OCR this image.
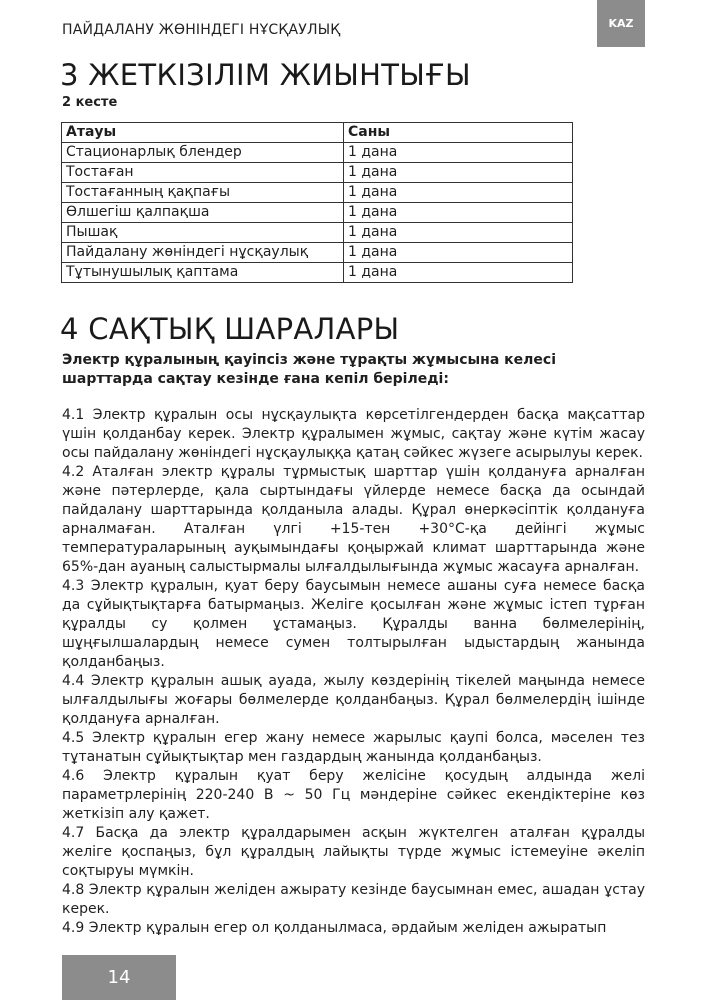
ПАЙДАЛАНУ ЖӨНІНДЕГІ НҰСҚАУЛЫҚ	KAZ
3 ЖЕТКІЗІЛІМ ЖИЫНТЫҒЫ
2 кесте
Атауы	Саны
Стационарлық блендер	1 дана
Тостаған	1 дана
Тостағанның қақпағы	1 дана
Өлшегіш қалпақша	1 дана
Пышақ	1 дана
Пайдалану жөніндегі нұсқаулық	1 дана
Тұтынушылық қаптама	1 дана
4 САҚТЫҚ ШАРАЛАРЫ
Электр құралының қауіпсіз және тұрақты жұмысына келесі шарттарда сақтау кезінде ғана кепіл беріледі:

4.1 Электр құралын осы нұсқаулықта көрсетілгендерден басқа мақсаттар үшін қолданбау керек. Электр құралымен жұмыс, сақтау және күтім жасау осы пайдалану жөніндегі нұсқаулыққа қатаң сәйкес жүзеге асырылуы керек.

4.2 Аталған электр құралы тұрмыстық шарттар үшін қолдануға арналған және пәтерлерде, қала сыртындағы үйлерде немесе басқа да осындай пайдалану шарттарында қолданыла алады. Құрал өнеркәсіптік қолдануға арналмаған. Аталған үлгі +15-тен +30°С-қа дейінгі жұмыс температураларының ауқымындағы қоңыржай климат шарттарында және 65%-дан ауаның салыстырмалы ылғалдылығында жұмыс жасауға арналған.

4.3 Электр құралын, қуат беру баусымын немесе ашаны суға немесе басқа да сұйықтықтарға батырмаңыз. Желіге қосылған және жұмыс істеп тұрған құралды су қолмен ұстамаңыз. Құралды ванна бөлмелерінің, шұңғылшалардың немесе сумен толтырылған ыдыстардың жанында қолданбаңыз.

4.4 Электр құралын ашық ауада, жылу көздерінің тікелей маңында немесе ылғалдылығы жоғары бөлмелерде қолданбаңыз. Құрал бөлмелердің ішінде қолдануға арналған.

4.5 Электр құралын егер жану немесе жарылыс қаупі болса, мәселен тез тұтанатын сұйықтықтар мен газдардың жанында қолданбаңыз.

4.6 Электр құралын қуат беру желісіне қосудың алдында желі параметрлерінің 220-240 В ~ 50 Гц мәндеріне сәйкес екендіктеріне көз жеткізіп алу қажет.

4.7 Басқа да электр құралдарымен асқын жүктелген аталған құралды желіге қоспаңыз, бұл құралдың лайықты түрде жұмыс істемеуіне әкеліп соқтыруы мүмкін.

4.8 Электр құралын желіден ажырату кезінде баусымнан емес, ашадан ұстау керек.

4.9 Электр құралын егер ол қолданылмаса, әрдайым желіден ажыратып

14
